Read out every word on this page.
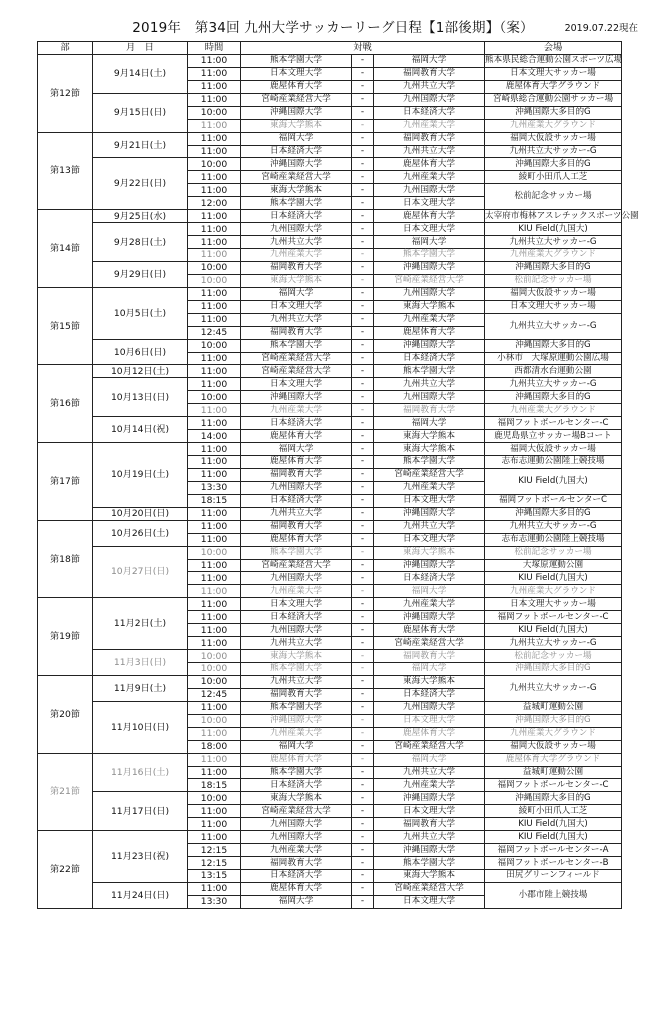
2019年　第34回 九州大学サッカーリーグ日程【1部後期】（案）	2019.07.22現在
部	月　日	時間	対戦			会場
第12節	9月14日(土)	11:00	熊本学園大学	-	福岡大学	熊本県民総合運動公園スポーツ広場
		11:00	日本文理大学	-	福岡教育大学	日本文理大サッカー場
		11:00	鹿屋体育大学	-	九州共立大学	鹿屋体育大学グラウンド
	9月15日(日)	11:00	宮崎産業経営大学	-	九州国際大学	宮崎県総合運動公園サッカー場
		10:00	沖縄国際大学	-	日本経済大学	沖縄国際大多目的G
		11:00	東海大学熊本	-	九州産業大学	九州産業大グラウンド
第13節	9月21日(土)	11:00	福岡大学	-	福岡教育大学	福岡大仮設サッカー場
		11:00	日本経済大学	-	九州共立大学	九州共立大サッカー-G
	9月22日(日)	10:00	沖縄国際大学	-	鹿屋体育大学	沖縄国際大多目的G
		11:00	宮崎産業経営大学	-	九州産業大学	綾町小田爪人工芝
		11:00	東海大学熊本	-	九州国際大学	松前記念サッカー場
		12:00	熊本学園大学	-	日本文理大学	
第14節	9月25日(水)	11:00	日本経済大学	-	鹿屋体育大学	太宰府市梅林アスレチックスポーツ公園
	9月28日(土)	11:00	九州国際大学	-	日本文理大学	KIU Field(九国大)
		11:00	九州共立大学	-	福岡大学	九州共立大サッカー-G
		11:00	九州産業大学	-	熊本学園大学	九州産業大グラウンド
	9月29日(日)	10:00	福岡教育大学	-	沖縄国際大学	沖縄国際大多目的G
		10:00	東海大学熊本	-	宮崎産業経営大学	松前記念サッカー場
第15節	10月5日(土)	11:00	福岡大学	-	九州国際大学	福岡大仮設サッカー場
		11:00	日本文理大学	-	東海大学熊本	日本文理大サッカー場
		11:00	九州共立大学	-	九州産業大学	九州共立大サッカー-G
		12:45	福岡教育大学	-	鹿屋体育大学	
	10月6日(日)	10:00	熊本学園大学	-	沖縄国際大学	沖縄国際大多目的G
		11:00	宮崎産業経営大学	-	日本経済大学	小林市　大塚原運動公園広場
第16節	10月12日(土)	11:00	宮崎産業経営大学	-	熊本学園大学	西都清水台運動公園
	10月13日(日)	11:00	日本文理大学	-	九州共立大学	九州共立大サッカー-G
		10:00	沖縄国際大学	-	九州国際大学	沖縄国際大多目的G
		11:00	九州産業大学	-	福岡教育大学	九州産業大グラウンド
	10月14日(祝)	11:00	日本経済大学	-	福岡大学	福岡フットボールセンター-C
		14:00	鹿屋体育大学	-	東海大学熊本	鹿児島県立サッカー場Bコート
第17節	10月19日(土)	11:00	福岡大学	-	東海大学熊本	福岡大仮設サッカー場
		11:00	鹿屋体育大学	-	熊本学園大学	志布志運動公園陸上競技場
		11:00	福岡教育大学	-	宮崎産業経営大学	KIU Field(九国大)
		13:30	九州国際大学	-	九州産業大学	
		18:15	日本経済大学	-	日本文理大学	福岡フットボールセンターC
	10月20日(日)	11:00	九州共立大学	-	沖縄国際大学	沖縄国際大多目的G
第18節	10月26日(土)	11:00	福岡教育大学	-	九州共立大学	九州共立大サッカー-G
		11:00	鹿屋体育大学	-	日本文理大学	志布志運動公園陸上競技場
	10月27日(日)	10:00	熊本学園大学	-	東海大学熊本	松前記念サッカー場
		11:00	宮崎産業経営大学	-	沖縄国際大学	大塚原運動公園
		11:00	九州国際大学	-	日本経済大学	KIU Field(九国大)
		11:00	九州産業大学	-	福岡大学	九州産業大グラウンド
第19節	11月2日(土)	11:00	日本文理大学	-	九州産業大学	日本文理大サッカー場
		11:00	日本経済大学	-	沖縄国際大学	福岡フットボールセンター-C
		11:00	九州国際大学	-	鹿屋体育大学	KIU Field(九国大)
		11:00	九州共立大学	-	宮崎産業経営大学	九州共立大サッカー-G
	11月3日(日)	10:00	東海大学熊本	-	福岡教育大学	松前記念サッカー場
		10:00	熊本学園大学	-	福岡大学	沖縄国際大多目的G
第20節	11月9日(土)	10:00	九州共立大学	-	東海大学熊本	九州共立大サッカー-G
		12:45	福岡教育大学	-	日本経済大学	
	11月10日(日)	11:00	熊本学園大学	-	九州国際大学	益城町運動公園
		10:00	沖縄国際大学	-	日本文理大学	沖縄国際大多目的G
		11:00	九州産業大学	-	鹿屋体育大学	九州産業大グラウンド
		18:00	福岡大学	-	宮崎産業経営大学	福岡大仮設サッカー場
第21節	11月16日(土)	11:00	鹿屋体育大学	-	福岡大学	鹿屋体育大学グラウンド
		11:00	熊本学園大学	-	九州共立大学	益城町運動公園
		18:15	日本経済大学	-	九州産業大学	福岡フットボールセンター-C
	11月17日(日)	10:00	東海大学熊本	-	沖縄国際大学	沖縄国際大多目的G
		11:00	宮崎産業経営大学	-	日本文理大学	綾町小田爪人工芝
		11:00	九州国際大学	-	福岡教育大学	KIU Field(九国大)
第22節	11月23日(祝)	11:00	九州国際大学	-	九州共立大学	KIU Field(九国大)
		12:15	九州産業大学	-	沖縄国際大学	福岡フットボールセンター-A
		12:15	福岡教育大学	-	熊本学園大学	福岡フットボールセンター-B
		13:15	日本経済大学	-	東海大学熊本	田尻グリーンフィールド
	11月24日(日)	11:00	鹿屋体育大学	-	宮崎産業経営大学	小郡市陸上競技場
		13:30	福岡大学	-	日本文理大学	
